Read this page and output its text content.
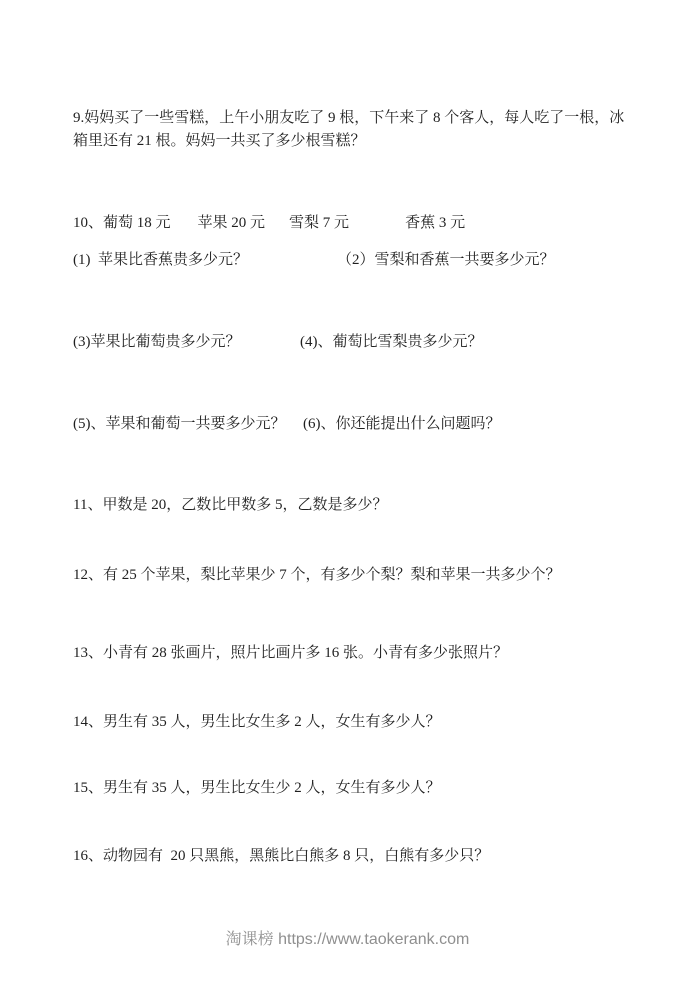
9.妈妈买了一些雪糕，上午小朋友吃了 9 根，下午来了 8 个客人，每人吃了一根，冰箱里还有 21 根。妈妈一共买了多少根雪糕？
10、 葡萄 18 元 苹果 20 元 雪梨 7 元	香蕉 3 元
(1)  苹果比香蕉贵多少元？	（2）雪梨和香蕉一共要多少元？
(3)苹果比葡萄贵多少元？	(4)、葡萄比雪梨贵多少元？
(5)、苹果和葡萄一共要多少元？	(6)、你还能提出什么问题吗？
11、甲数是 20，乙数比甲数多 5，乙数是多少？
12、有 25 个苹果，梨比苹果少 7 个，有多少个梨？梨和苹果一共多少个？
13、小青有 28 张画片，照片比画片多 16 张。小青有多少张照片？
14、男生有 35 人，男生比女生多 2 人，女生有多少人？
15、男生有 35 人，男生比女生少 2 人，女生有多少人？
16、动物园有  20 只黑熊，黑熊比白熊多 8 只，白熊有多少只？
淘课榜 https://www.taokerank.com
